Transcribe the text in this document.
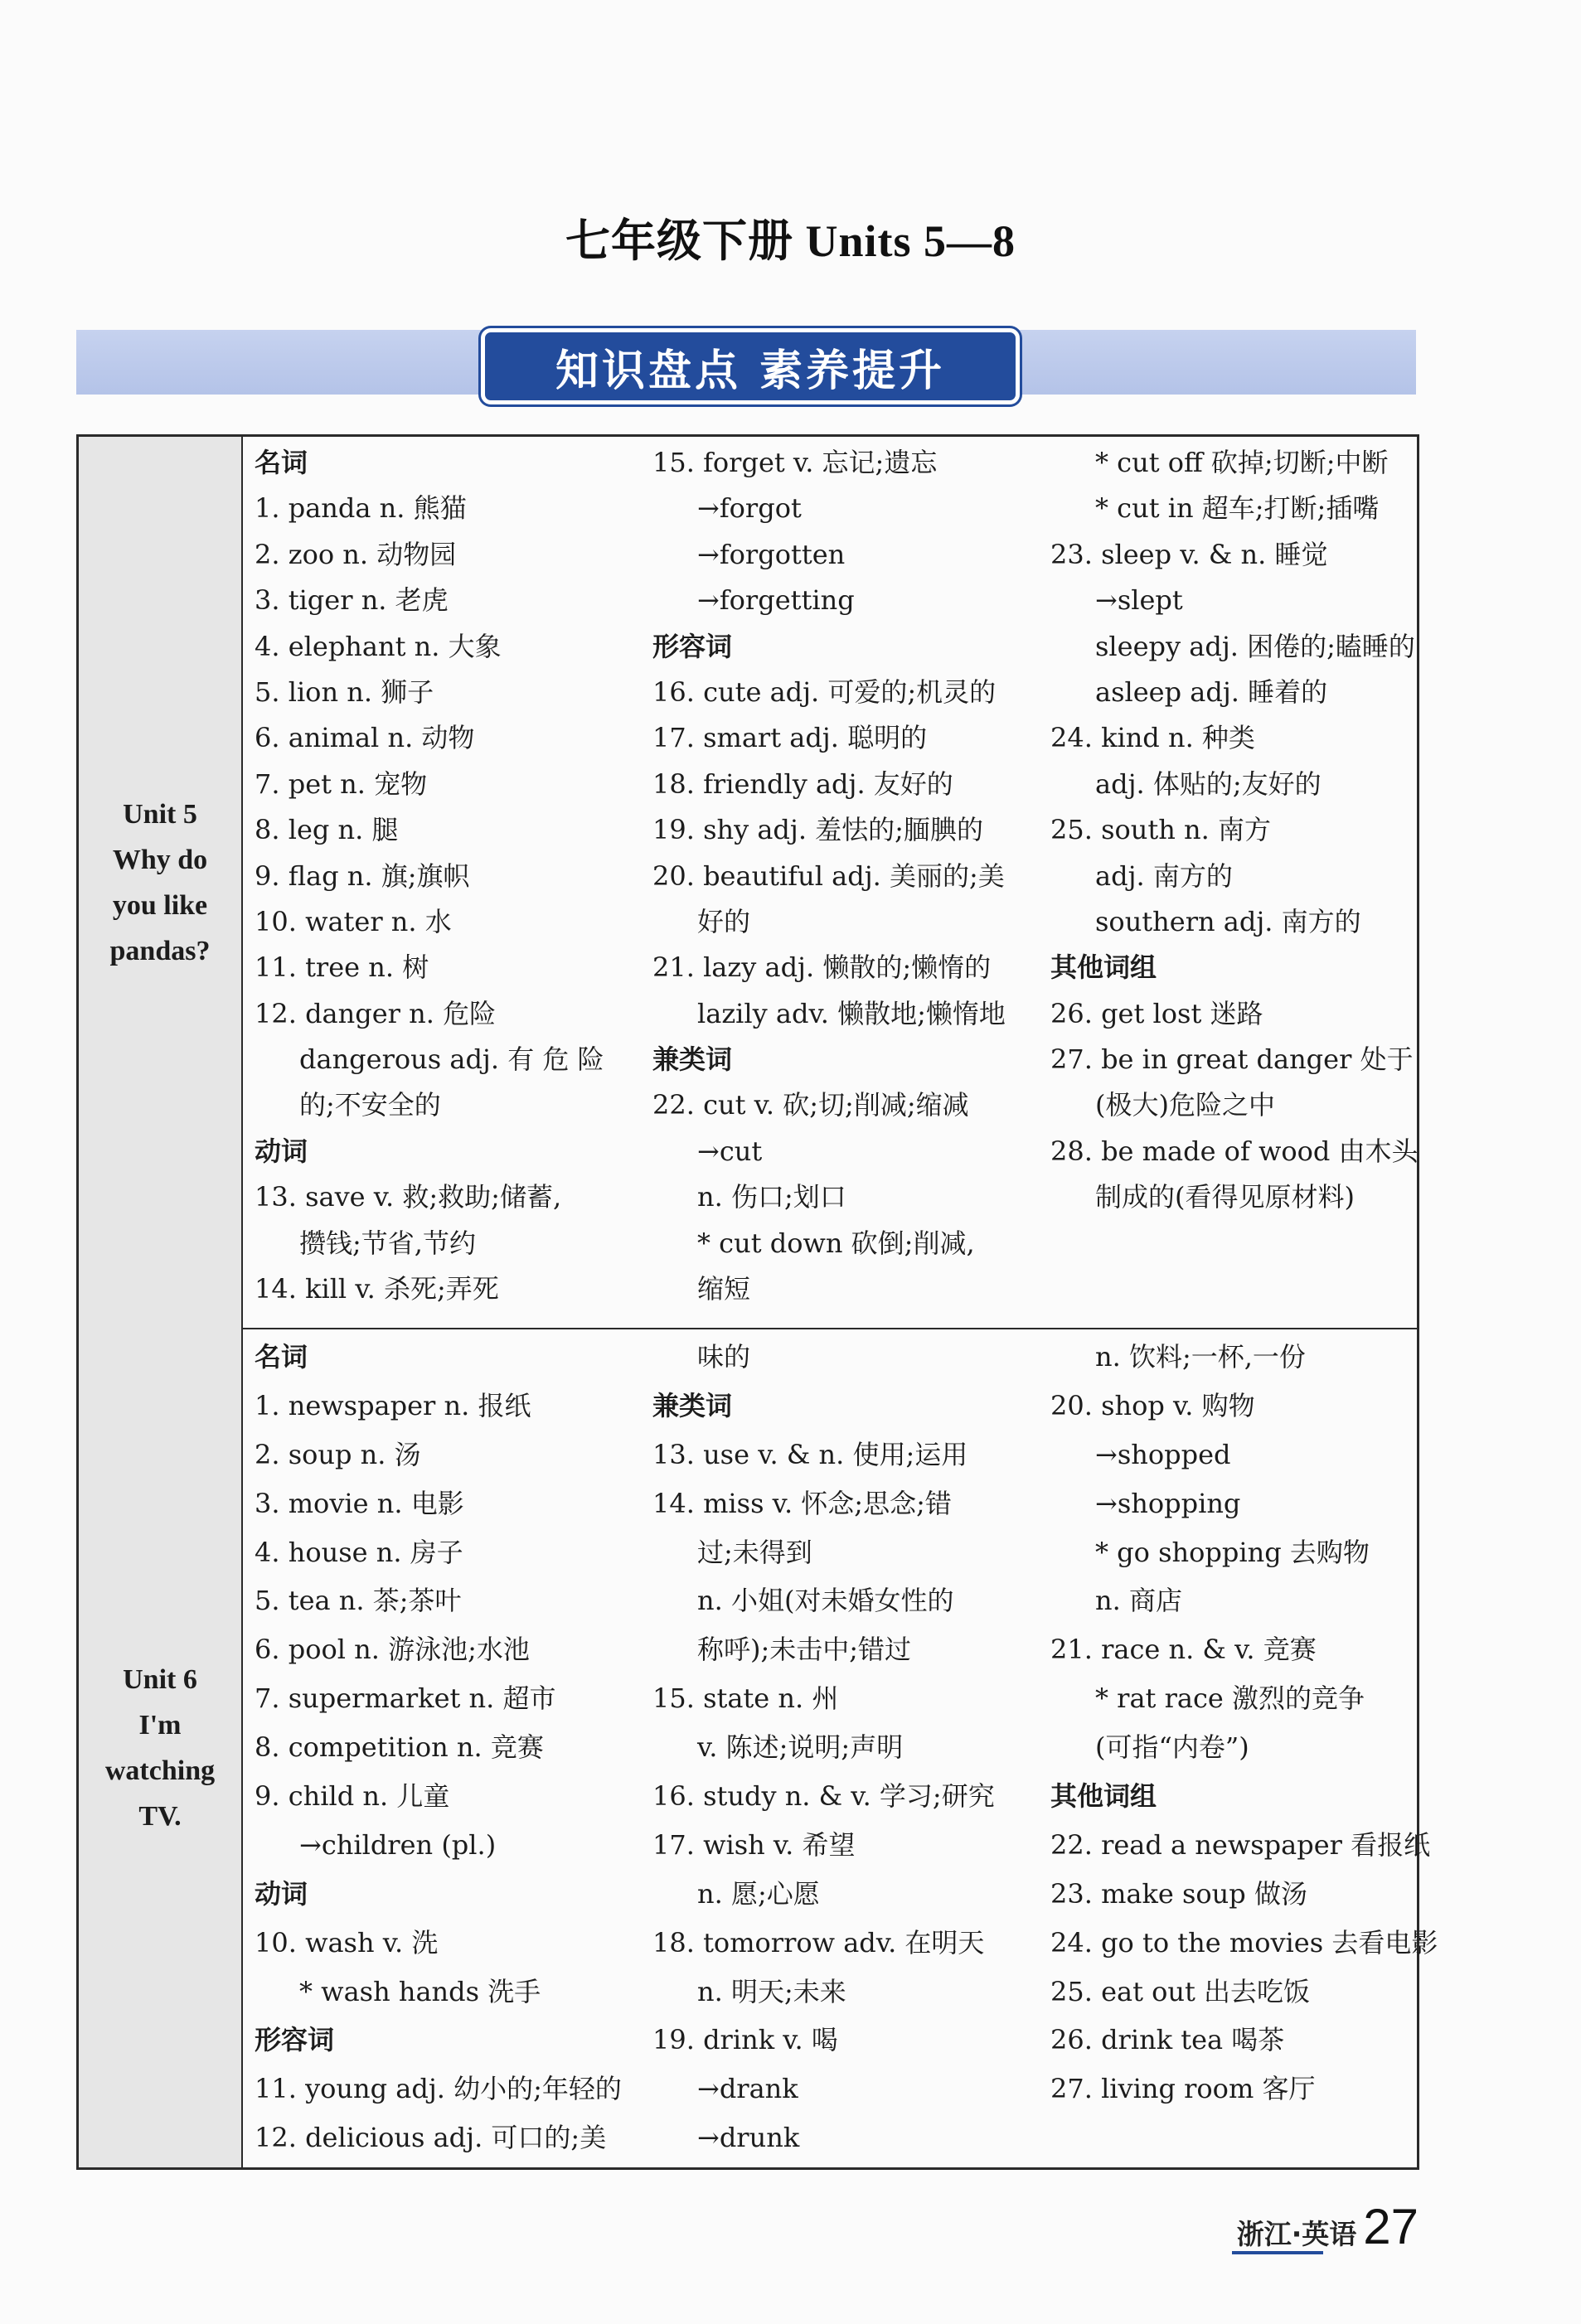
七年级下册 Units 5—8
知识盘点 素养提升
Unit 5
Why do
you like
pandas?
名词
1. panda n. 熊猫
2. zoo n. 动物园
3. tiger n. 老虎
4. elephant n. 大象
5. lion n. 狮子
6. animal n. 动物
7. pet n. 宠物
8. leg n. 腿
9. flag n. 旗;旗帜
10. water n. 水
11. tree n. 树
12. danger n. 危险
dangerous adj. 有 危 险
的;不安全的
动词
13. save v. 救;救助;储蓄,
攒钱;节省,节约
14. kill v. 杀死;弄死
15. forget v. 忘记;遗忘
→forgot
→forgotten
→forgetting
形容词
16. cute adj. 可爱的;机灵的
17. smart adj. 聪明的
18. friendly adj. 友好的
19. shy adj. 羞怯的;腼腆的
20. beautiful adj. 美丽的;美
好的
21. lazy adj. 懒散的;懒惰的
lazily adv. 懒散地;懒惰地
兼类词
22. cut v. 砍;切;削减;缩减
→cut
n. 伤口;划口
* cut down 砍倒;削减,
缩短
* cut off 砍掉;切断;中断
* cut in 超车;打断;插嘴
23. sleep v. & n. 睡觉
→slept
sleepy adj. 困倦的;瞌睡的
asleep adj. 睡着的
24. kind n. 种类
adj. 体贴的;友好的
25. south n. 南方
adj. 南方的
southern adj. 南方的
其他词组
26. get lost 迷路
27. be in great danger 处于
(极大)危险之中
28. be made of wood 由木头
制成的(看得见原材料)
Unit 6
I'm
watching
TV.
名词
1. newspaper n. 报纸
2. soup n. 汤
3. movie n. 电影
4. house n. 房子
5. tea n. 茶;茶叶
6. pool n. 游泳池;水池
7. supermarket n. 超市
8. competition n. 竞赛
9. child n. 儿童
→children (pl.)
动词
10. wash v. 洗
* wash hands 洗手
形容词
11. young adj. 幼小的;年轻的
12. delicious adj. 可口的;美
味的
兼类词
13. use v. & n. 使用;运用
14. miss v. 怀念;思念;错
过;未得到
n. 小姐(对未婚女性的
称呼);未击中;错过
15. state n. 州
v. 陈述;说明;声明
16. study n. & v. 学习;研究
17. wish v. 希望
n. 愿;心愿
18. tomorrow adv. 在明天
n. 明天;未来
19. drink v. 喝
→drank
→drunk
n. 饮料;一杯,一份
20. shop v. 购物
→shopped
→shopping
* go shopping 去购物
n. 商店
21. race n. & v. 竞赛
* rat race 激烈的竞争
(可指“内卷”)
其他词组
22. read a newspaper 看报纸
23. make soup 做汤
24. go to the movies 去看电影
25. eat out 出去吃饭
26. drink tea 喝茶
27. living room 客厅
浙江·英语 27
